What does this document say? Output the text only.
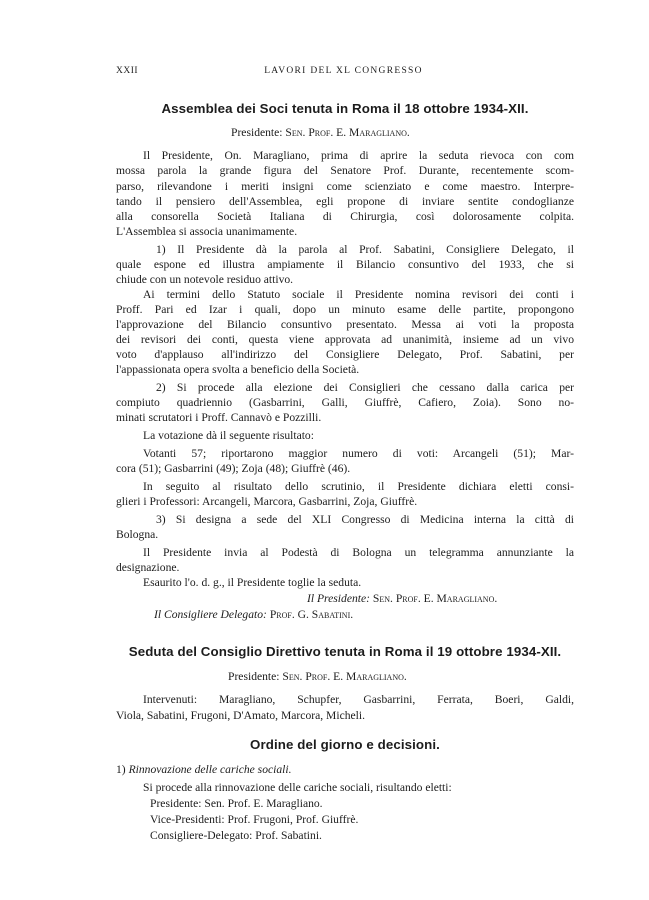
XXII	LAVORI DEL XL CONGRESSO
Assemblea dei Soci tenuta in Roma il 18 ottobre 1934-XII.
Presidente: Sen. Prof. E. Maragliano.
Il Presidente, On. Maragliano, prima di aprire la seduta rievoca con com
mossa parola la grande figura del Senatore Prof. Durante, recentemente scom-
parso, rilevandone i meriti insigni come scienziato e come maestro. Interpre-
tando il pensiero dell'Assemblea, egli propone di inviare sentite condoglianze
alla consorella Società Italiana di Chirurgia, così dolorosamente colpita.
L'Assemblea si associa unanimamente.
1) Il Presidente dà la parola al Prof. Sabatini, Consigliere Delegato, il
quale espone ed illustra ampiamente il Bilancio consuntivo del 1933, che si
chiude con un notevole residuo attivo.
Ai termini dello Statuto sociale il Presidente nomina revisori dei conti i
Proff. Pari ed Izar i quali, dopo un minuto esame delle partite, propongono
l'approvazione del Bilancio consuntivo presentato. Messa ai voti la proposta
dei revisori dei conti, questa viene approvata ad unanimità, insieme ad un vivo
voto d'applauso all'indirizzo del Consigliere Delegato, Prof. Sabatini, per
l'appassionata opera svolta a beneficio della Società.
2) Si procede alla elezione dei Consiglieri che cessano dalla carica per
compiuto quadriennio (Gasbarrini, Galli, Giuffrè, Cafiero, Zoia). Sono no-
minati scrutatori i Proff. Cannavò e Pozzilli.
La votazione dà il seguente risultato:
Votanti 57; riportarono maggior numero di voti: Arcangeli (51); Mar-
cora (51); Gasbarrini (49); Zoja (48); Giuffrè (46).
In seguito al risultato dello scrutinio, il Presidente dichiara eletti consi-
glieri i Professori: Arcangeli, Marcora, Gasbarrini, Zoja, Giuffrè.
3) Si designa a sede del XLI Congresso di Medicina interna la città di
Bologna.
Il Presidente invia al Podestà di Bologna un telegramma annunziante la
designazione.
Esaurito l'o. d. g., il Presidente toglie la seduta.
Il Presidente: Sen. Prof. E. Maragliano.
Il Consigliere Delegato: Prof. G. Sabatini.
Seduta del Consiglio Direttivo tenuta in Roma il 19 ottobre 1934-XII.
Presidente: Sen. Prof. E. Maragliano.
Intervenuti: Maragliano, Schupfer, Gasbarrini, Ferrata, Boeri, Galdi,
Viola, Sabatini, Frugoni, D'Amato, Marcora, Micheli.
Ordine del giorno e decisioni.
1) Rinnovazione delle cariche sociali.
Si procede alla rinnovazione delle cariche sociali, risultando eletti:
Presidente: Sen. Prof. E. Maragliano.
Vice-Presidenti: Prof. Frugoni, Prof. Giuffrè.
Consigliere-Delegato: Prof. Sabatini.
